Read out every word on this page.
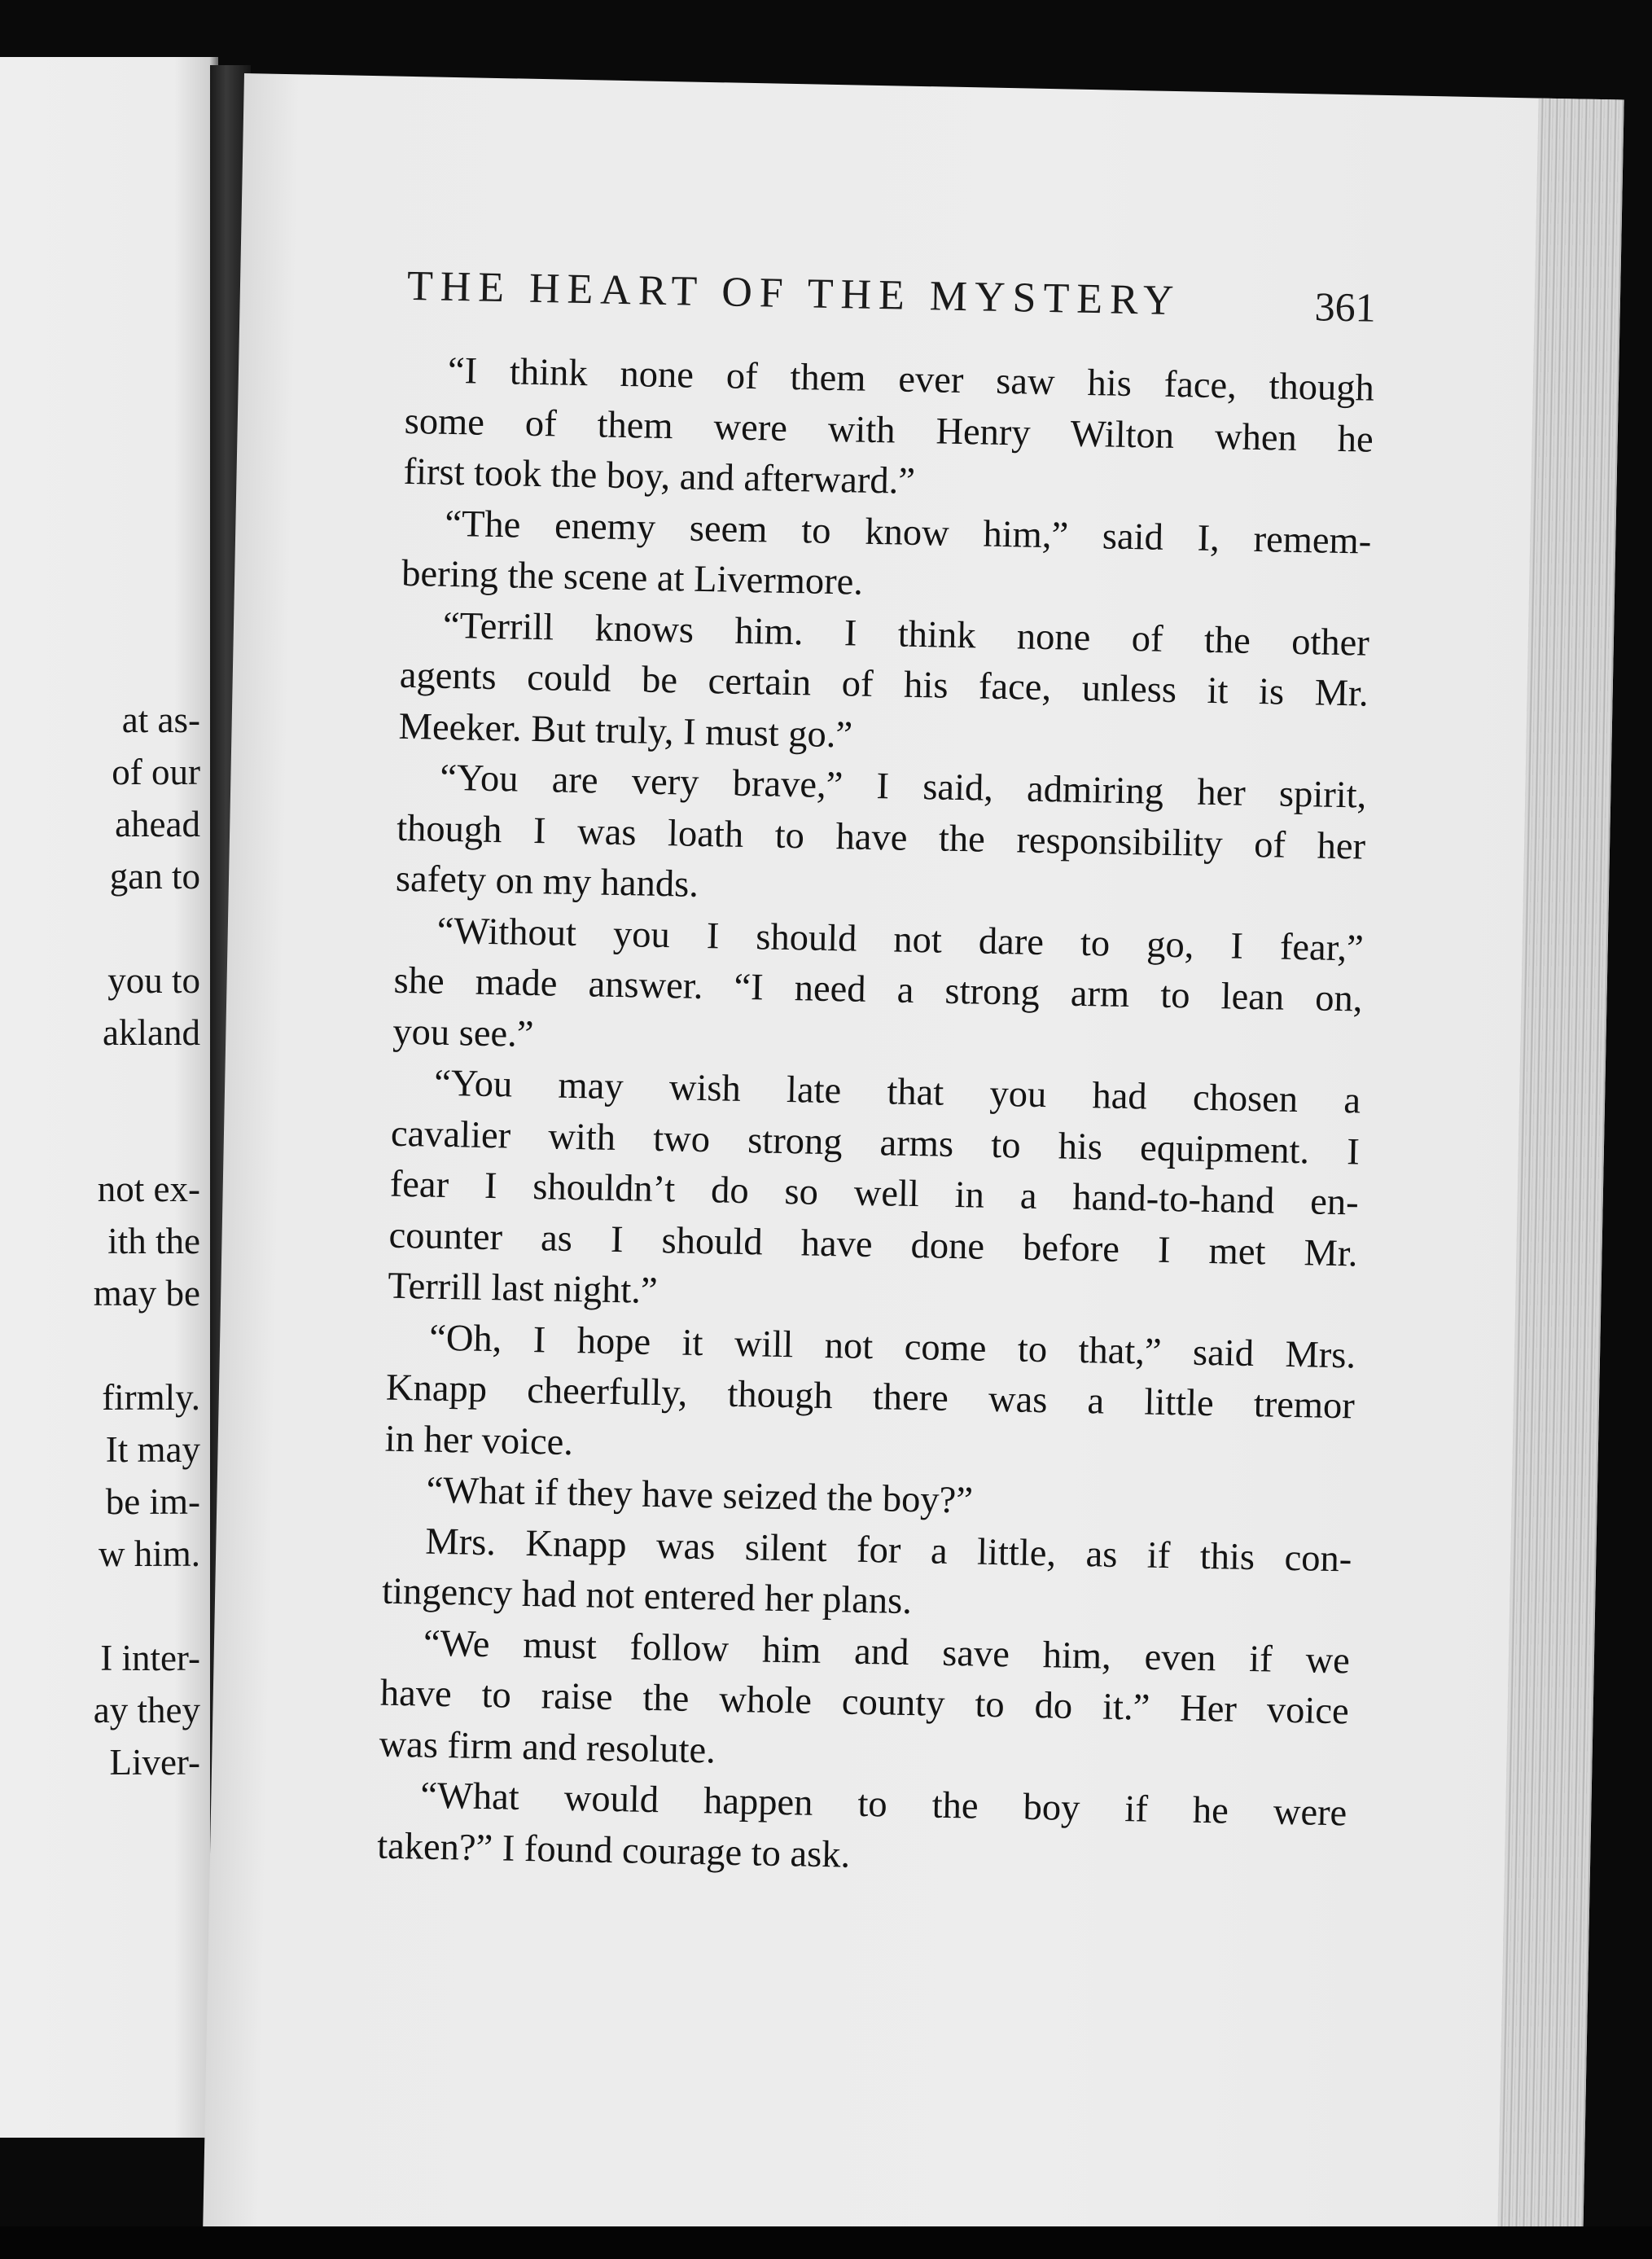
at as-
of our
ahead
gan to
you to
akland
not ex-
ith the
may be
firmly.
It may
be im-
w him.
I inter-
ay they
Liver-
THE HEART OF THE MYSTERY	361
“I think none of them ever saw his face, though
some of them were with Henry Wilton when he
first took the boy, and afterward.”
“The enemy seem to know him,” said I, remem-
bering the scene at Livermore.
“Terrill knows him. I think none of the other
agents could be certain of his face, unless it is Mr.
Meeker. But truly, I must go.”
“You are very brave,” I said, admiring her spirit,
though I was loath to have the responsibility of her
safety on my hands.
“Without you I should not dare to go, I fear,”
she made answer. “I need a strong arm to lean on,
you see.”
“You may wish late that you had chosen a
cavalier with two strong arms to his equipment. I
fear I shouldn’t do so well in a hand-to-hand en-
counter as I should have done before I met Mr.
Terrill last night.”
“Oh, I hope it will not come to that,” said Mrs.
Knapp cheerfully, though there was a little tremor
in her voice.
“What if they have seized the boy?”
Mrs. Knapp was silent for a little, as if this con-
tingency had not entered her plans.
“We must follow him and save him, even if we
have to raise the whole county to do it.” Her voice
was firm and resolute.
“What would happen to the boy if he were
taken?” I found courage to ask.
